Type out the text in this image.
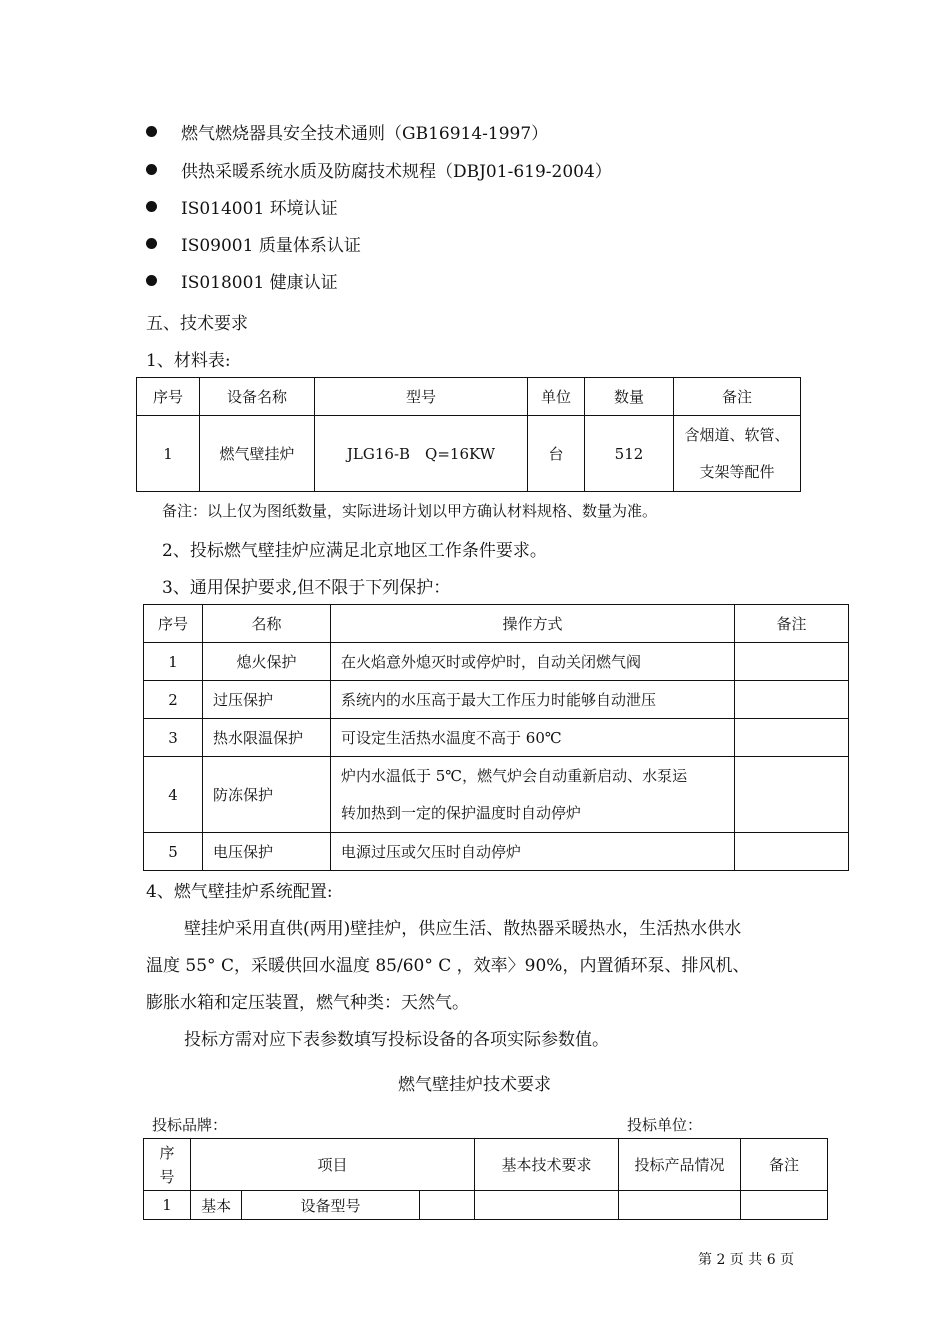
燃气燃烧器具安全技术通则（GB16914-1997）
供热采暖系统水质及防腐技术规程（DBJ01-619-2004）
IS014001 环境认证
IS09001 质量体系认证
IS018001 健康认证
五、技术要求
1、材料表:
序号	设备名称	型号	单位	数量	备注
1	燃气壁挂炉	JLG16-B　Q=16KW	台	512	含烟道、软管、
支架等配件
备注：以上仅为图纸数量，实际进场计划以甲方确认材料规格、数量为准。
2、投标燃气壁挂炉应满足北京地区工作条件要求。
3、通用保护要求,但不限于下列保护：
序号	名称	操作方式	备注
1	熄火保护	在火焰意外熄灭时或停炉时，自动关闭燃气阀	
2	过压保护	系统内的水压高于最大工作压力时能够自动泄压	
3	热水限温保护	可设定生活热水温度不高于 60℃	
4	防冻保护	炉内水温低于 5℃，燃气炉会自动重新启动、水泵运
转加热到一定的保护温度时自动停炉	

5	电压保护	电源过压或欠压时自动停炉	
4、燃气壁挂炉系统配置:
壁挂炉采用直供(两用)壁挂炉，供应生活、散热器采暖热水，生活热水供水
温度 55° C，采暖供回水温度 85/60° C ，效率〉90%，内置循环泵、排风机、
膨胀水箱和定压装置，燃气种类：天然气。
投标方需对应下表参数填写投标设备的各项实际参数值。
燃气壁挂炉技术要求
投标品牌：	投标单位：
序
号	项目			基本技术要求	投标产品情况	备注
1	基本	设备型号				
第 2 页 共 6 页
